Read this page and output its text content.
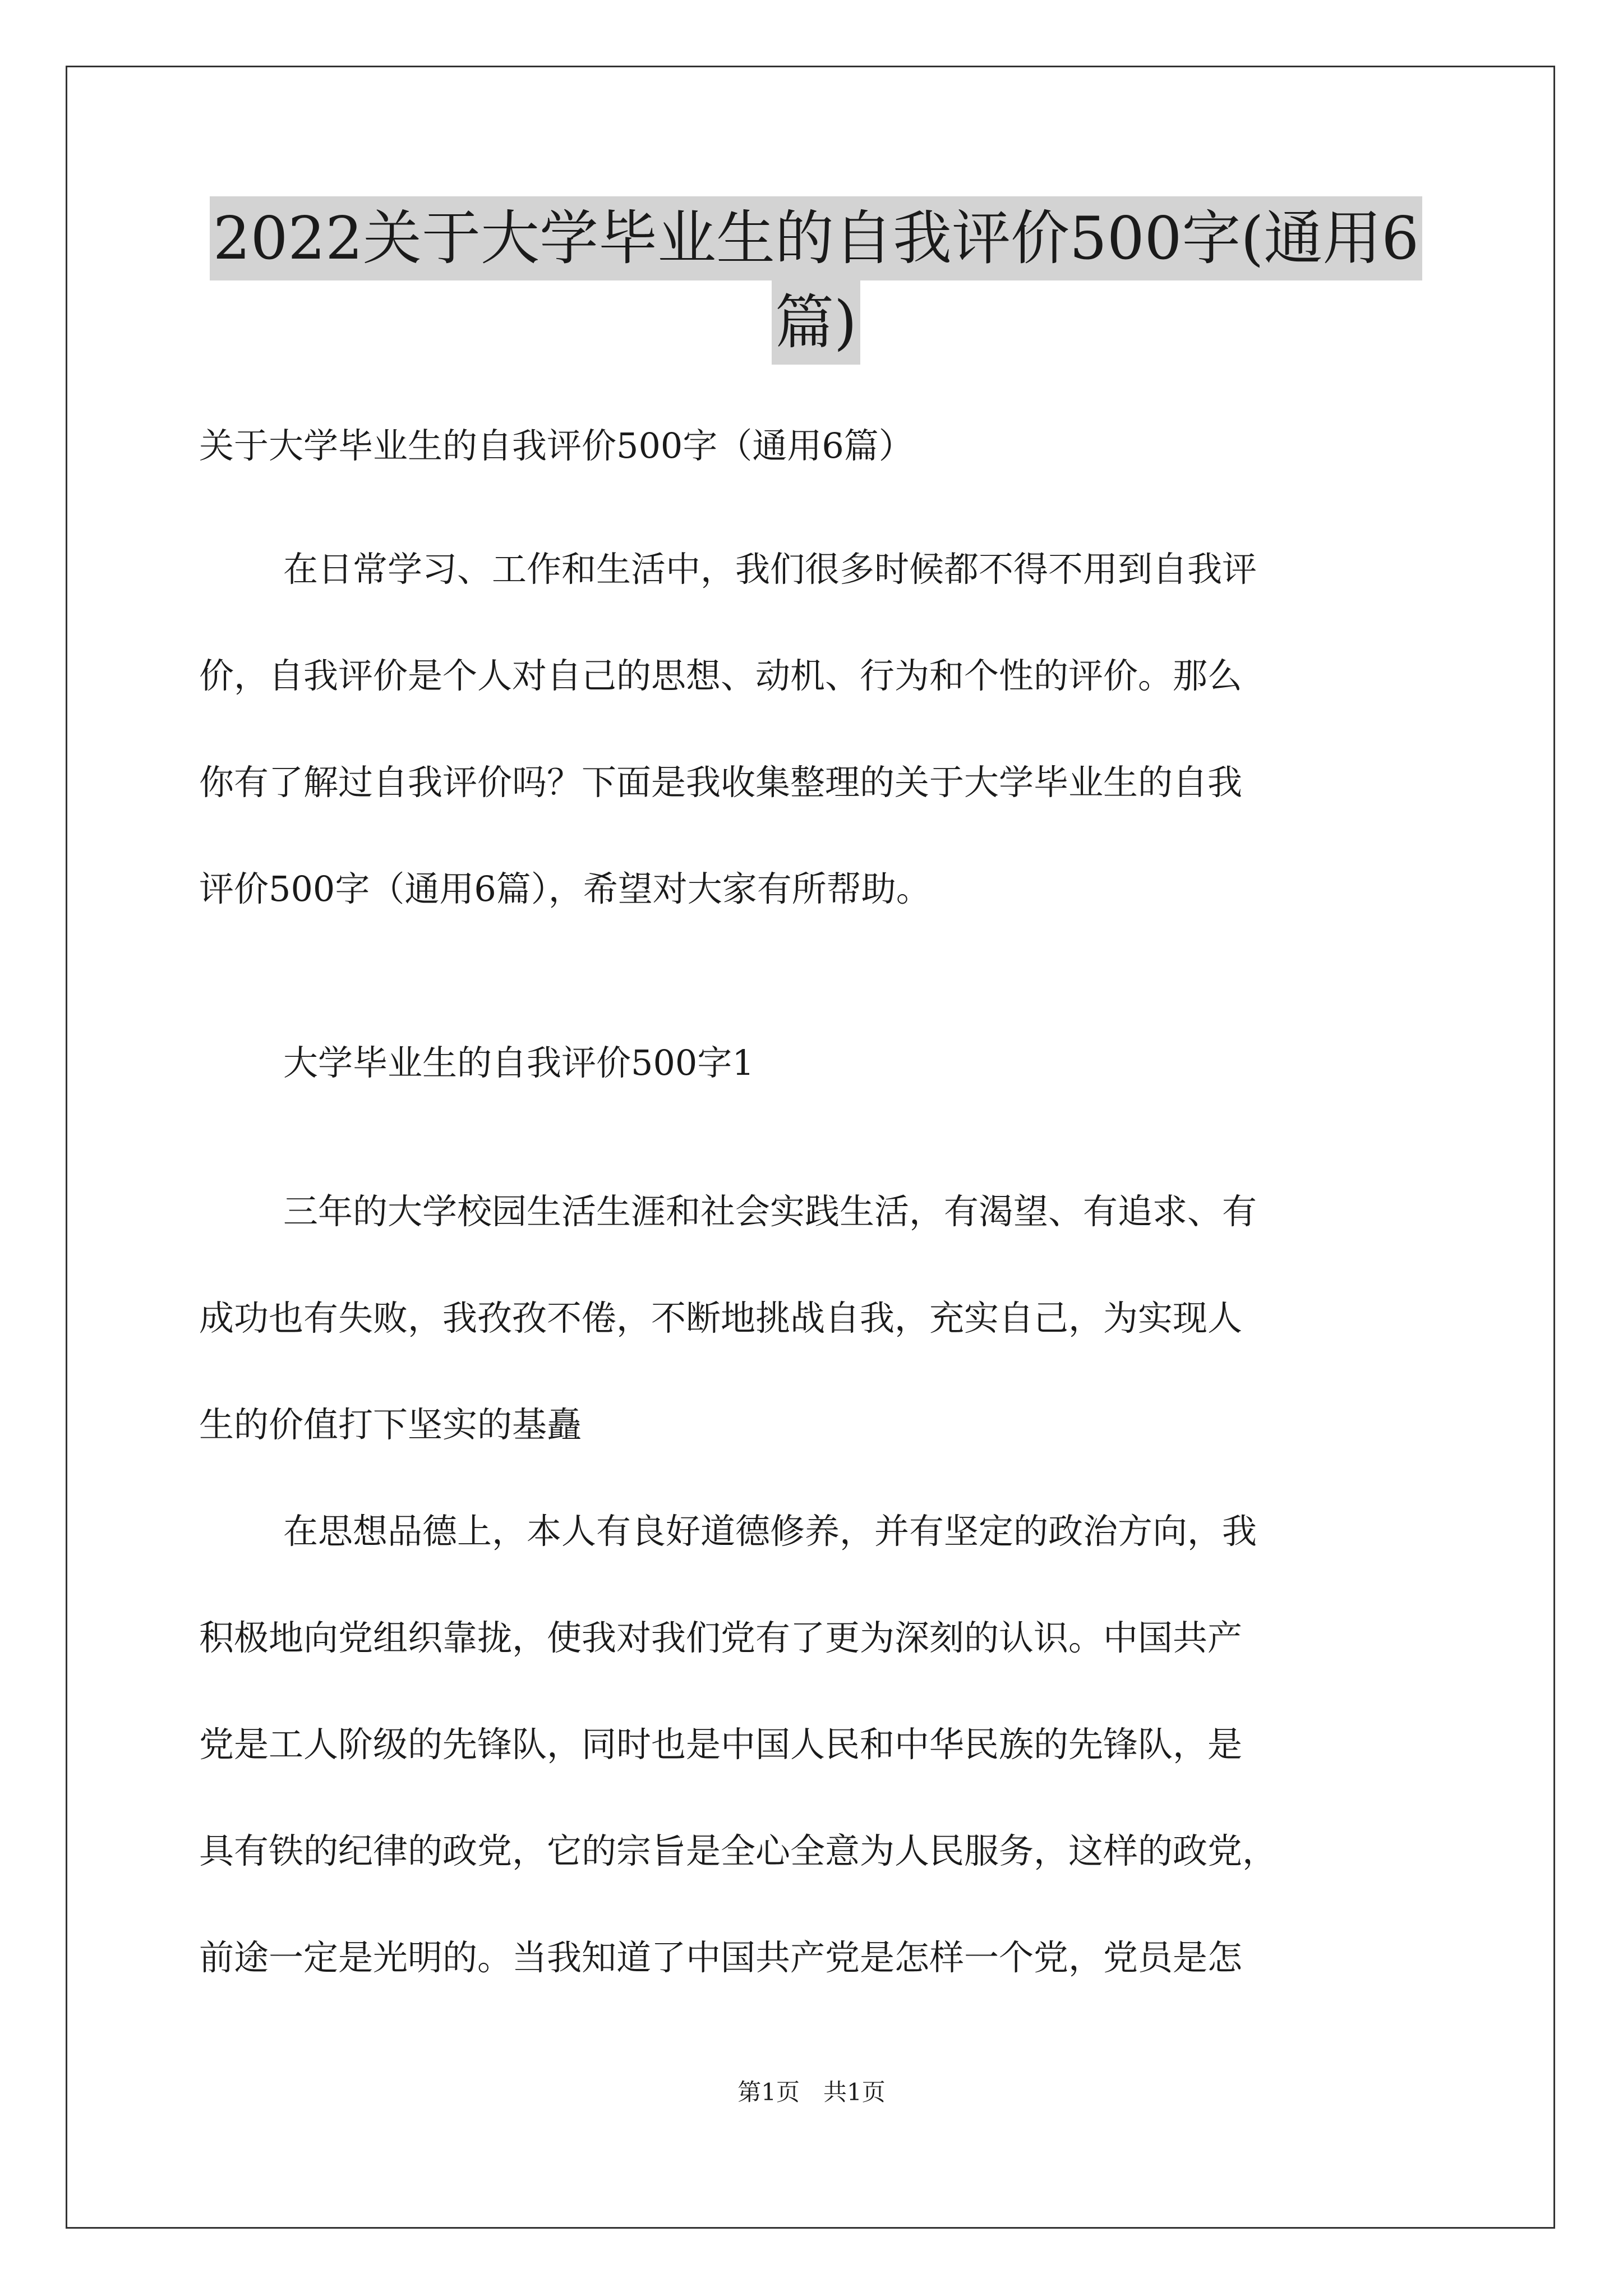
2022关于大学毕业生的自我评价500字(通用6
篇)
关于大学毕业生的自我评价500字（通用6篇）
在日常学习、工作和生活中，我们很多时候都不得不用到自我评
价，自我评价是个人对自己的思想、动机、行为和个性的评价。那么
你有了解过自我评价吗？下面是我收集整理的关于大学毕业生的自我
评价500字（通用6篇），希望对大家有所帮助。
大学毕业生的自我评价500字1
三年的大学校园生活生涯和社会实践生活，有渴望、有追求、有
成功也有失败，我孜孜不倦，不断地挑战自我，充实自己，为实现人
生的价值打下坚实的基矗
在思想品德上，本人有良好道德修养，并有坚定的政治方向，我
积极地向党组织靠拢，使我对我们党有了更为深刻的认识。中国共产
党是工人阶级的先锋队，同时也是中国人民和中华民族的先锋队，是
具有铁的纪律的政党，它的宗旨是全心全意为人民服务，这样的政党，
前途一定是光明的。当我知道了中国共产党是怎样一个党，党员是怎
第1页　共1页
